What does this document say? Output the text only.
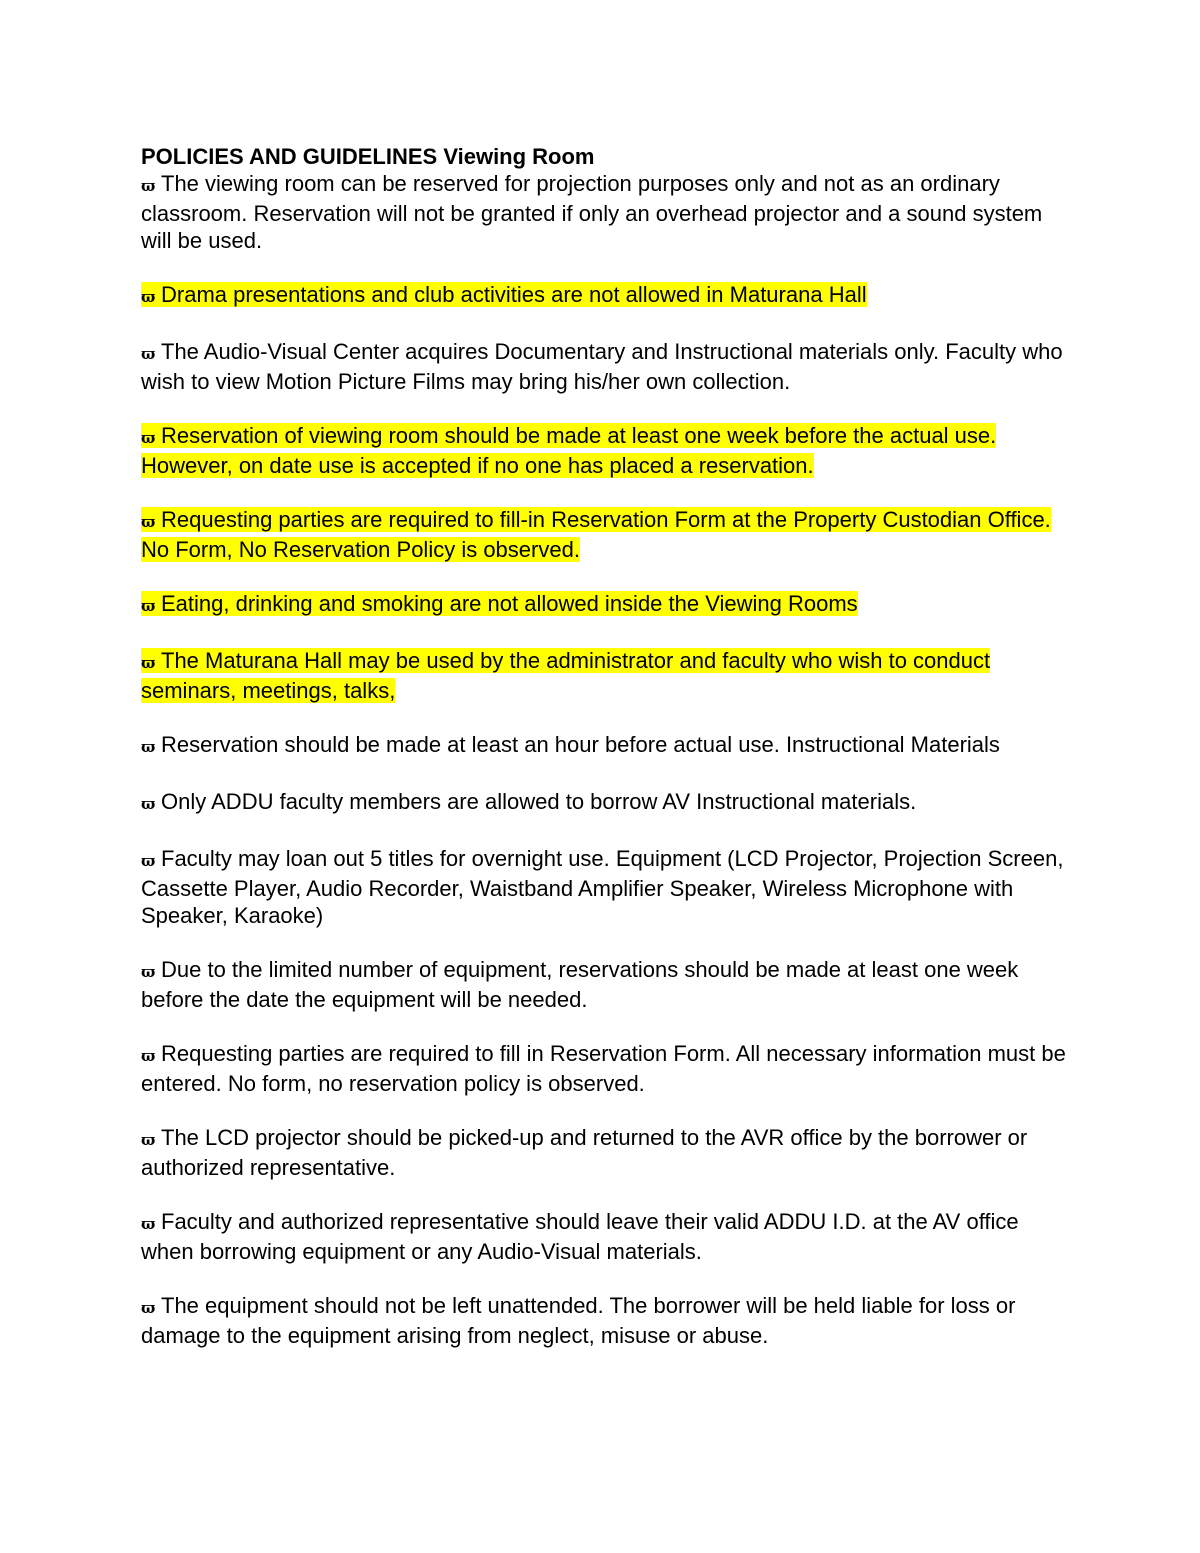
POLICIES AND GUIDELINES Viewing Room

ϖ The viewing room can be reserved for projection purposes only and not as an ordinary classroom. Reservation will not be granted if only an overhead projector and a sound system will be used.

ϖ Drama presentations and club activities are not allowed in Maturana Hall

ϖ The Audio-Visual Center acquires Documentary and Instructional materials only. Faculty who wish to view Motion Picture Films may bring his/her own collection.

ϖ Reservation of viewing room should be made at least one week before the actual use. However, on date use is accepted if no one has placed a reservation.

ϖ Requesting parties are required to fill-in Reservation Form at the Property Custodian Office. No Form, No Reservation Policy is observed.

ϖ Eating, drinking and smoking are not allowed inside the Viewing Rooms

ϖ The Maturana Hall may be used by the administrator and faculty who wish to conduct seminars, meetings, talks,

ϖ Reservation should be made at least an hour before actual use. Instructional Materials

ϖ Only ADDU faculty members are allowed to borrow AV Instructional materials.

ϖ Faculty may loan out 5 titles for overnight use. Equipment (LCD Projector, Projection Screen, Cassette Player, Audio Recorder, Waistband Amplifier Speaker, Wireless Microphone with Speaker, Karaoke)

ϖ Due to the limited number of equipment, reservations should be made at least one week before the date the equipment will be needed.

ϖ Requesting parties are required to fill in Reservation Form. All necessary information must be entered. No form, no reservation policy is observed.

ϖ The LCD projector should be picked-up and returned to the AVR office by the borrower or authorized representative.

ϖ Faculty and authorized representative should leave their valid ADDU I.D. at the AV office when borrowing equipment or any Audio-Visual materials.

ϖ The equipment should not be left unattended. The borrower will be held liable for loss or damage to the equipment arising from neglect, misuse or abuse.
